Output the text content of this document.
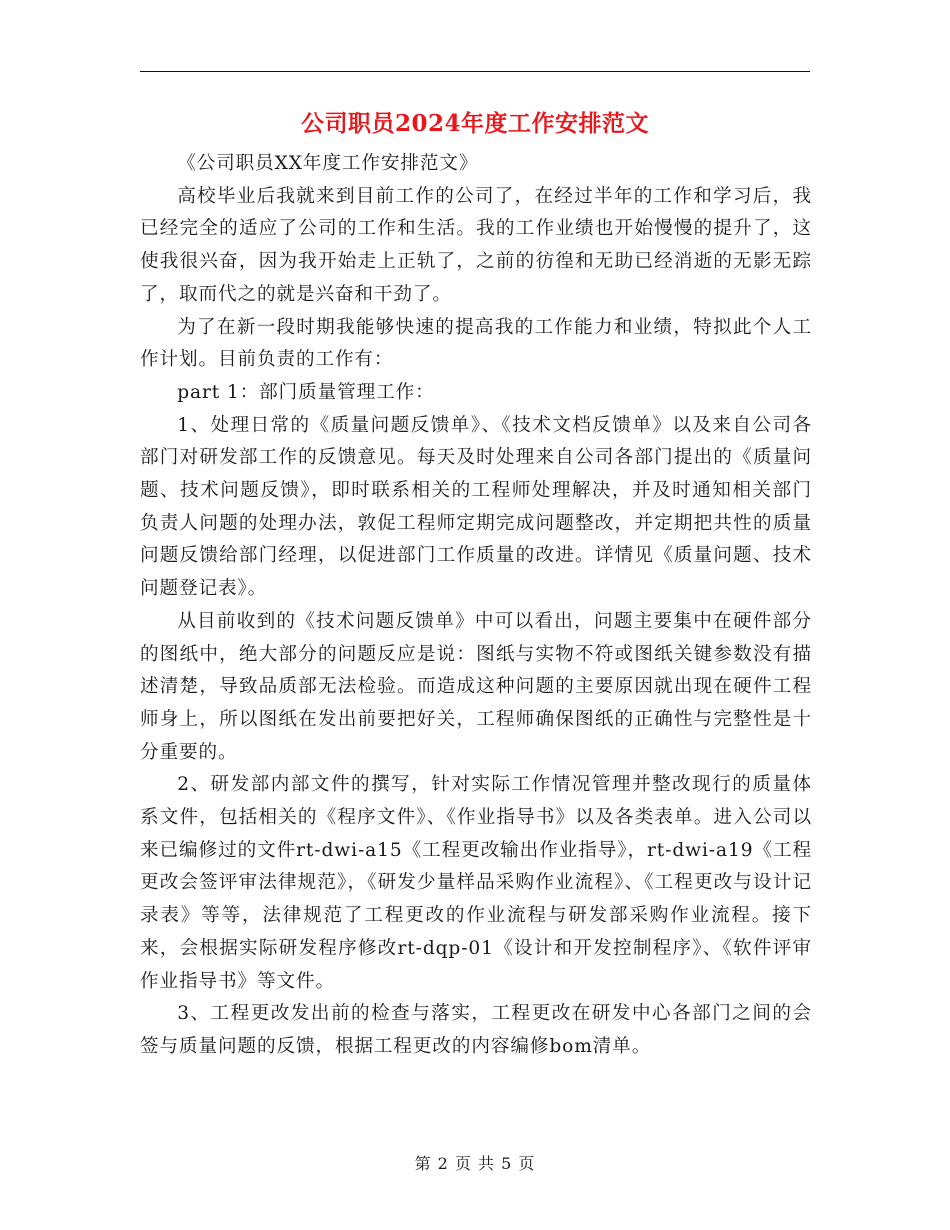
公司职员2024年度工作安排范文

《公司职员XX年度工作安排范文》

高校毕业后我就来到目前工作的公司了，在经过半年的工作和学习后，我已经完全的适应了公司的工作和生活。我的工作业绩也开始慢慢的提升了，这使我很兴奋，因为我开始走上正轨了，之前的彷徨和无助已经消逝的无影无踪了，取而代之的就是兴奋和干劲了。

为了在新一段时期我能够快速的提高我的工作能力和业绩，特拟此个人工作计划。目前负责的工作有：

part 1：部门质量管理工作：

1、处理日常的《质量问题反馈单》、《技术文档反馈单》以及来自公司各部门对研发部工作的反馈意见。每天及时处理来自公司各部门提出的《质量问题、技术问题反馈》，即时联系相关的工程师处理解决，并及时通知相关部门负责人问题的处理办法，敦促工程师定期完成问题整改，并定期把共性的质量问题反馈给部门经理，以促进部门工作质量的改进。详情见《质量问题、技术问题登记表》。

从目前收到的《技术问题反馈单》中可以看出，问题主要集中在硬件部分的图纸中，绝大部分的问题反应是说：图纸与实物不符或图纸关键参数没有描述清楚，导致品质部无法检验。而造成这种问题的主要原因就出现在硬件工程师身上，所以图纸在发出前要把好关，工程师确保图纸的正确性与完整性是十分重要的。

2、研发部内部文件的撰写，针对实际工作情况管理并整改现行的质量体系文件，包括相关的《程序文件》、《作业指导书》以及各类表单。进入公司以来已编修过的文件rt-dwi-a15《工程更改输出作业指导》，rt-dwi-a19《工程更改会签评审法律规范》，《研发少量样品采购作业流程》、《工程更改与设计记录表》等等，法律规范了工程更改的作业流程与研发部采购作业流程。接下来，会根据实际研发程序修改rt-dqp-01《设计和开发控制程序》、《软件评审作业指导书》等文件。

3、工程更改发出前的检查与落实，工程更改在研发中心各部门之间的会签与质量问题的反馈，根据工程更改的内容编修bom清单。

第 2 页 共 5 页
